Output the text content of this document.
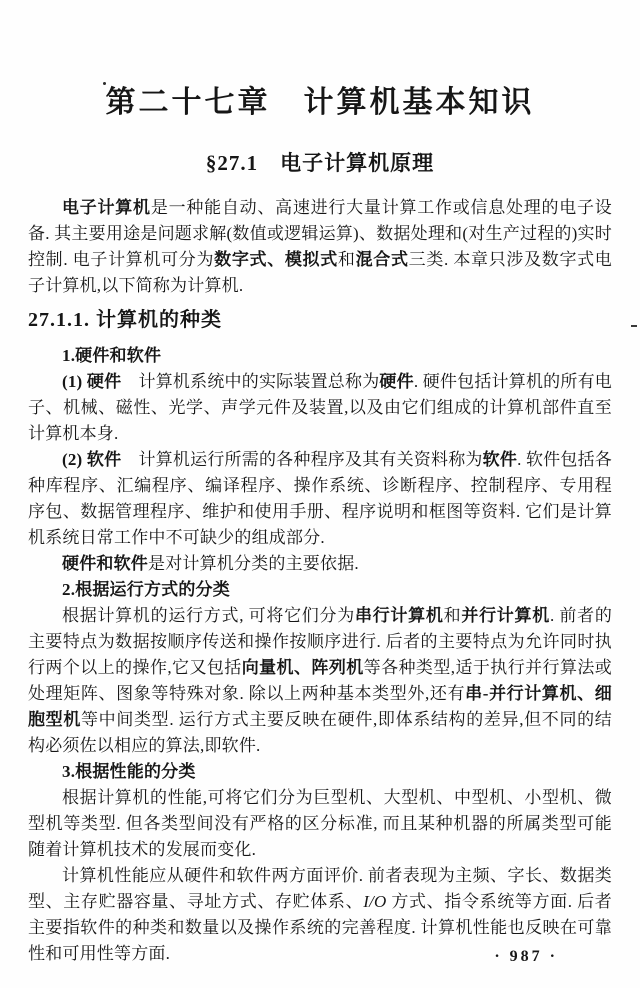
第二十七章　计算机基本知识
§27.1　电子计算机原理

电子计算机是一种能自动、高速进行大量计算工作或信息处理的电子设备. 其主要用途是问题求解(数值或逻辑运算)、数据处理和(对生产过程的)实时控制. 电子计算机可分为数字式、模拟式和混合式三类. 本章只涉及数字式电子计算机,以下简称为计算机.

27.1.1. 计算机的种类

1.硬件和软件

(1) 硬件　计算机系统中的实际装置总称为硬件. 硬件包括计算机的所有电子、机械、磁性、光学、声学元件及装置,以及由它们组成的计算机部件直至计算机本身.

(2) 软件　计算机运行所需的各种程序及其有关资料称为软件. 软件包括各种库程序、汇编程序、编译程序、操作系统、诊断程序、控制程序、专用程序包、数据管理程序、维护和使用手册、程序说明和框图等资料. 它们是计算机系统日常工作中不可缺少的组成部分.

硬件和软件是对计算机分类的主要依据.

2.根据运行方式的分类

根据计算机的运行方式, 可将它们分为串行计算机和并行计算机. 前者的主要特点为数据按顺序传送和操作按顺序进行. 后者的主要特点为允许同时执行两个以上的操作,它又包括向量机、阵列机等各种类型,适于执行并行算法或处理矩阵、图象等特殊对象. 除以上两种基本类型外,还有串-并行计算机、细胞型机等中间类型. 运行方式主要反映在硬件,即体系结构的差异,但不同的结构必须佐以相应的算法,即软件.

3.根据性能的分类

根据计算机的性能,可将它们分为巨型机、大型机、中型机、小型机、微型机等类型. 但各类型间没有严格的区分标准, 而且某种机器的所属类型可能随着计算机技术的发展而变化.

计算机性能应从硬件和软件两方面评价. 前者表现为主频、字长、数据类型、主存贮器容量、寻址方式、存贮体系、I/O 方式、指令系统等方面. 后者主要指软件的种类和数量以及操作系统的完善程度. 计算机性能也反映在可靠性和可用性等方面.	· 987 ·
